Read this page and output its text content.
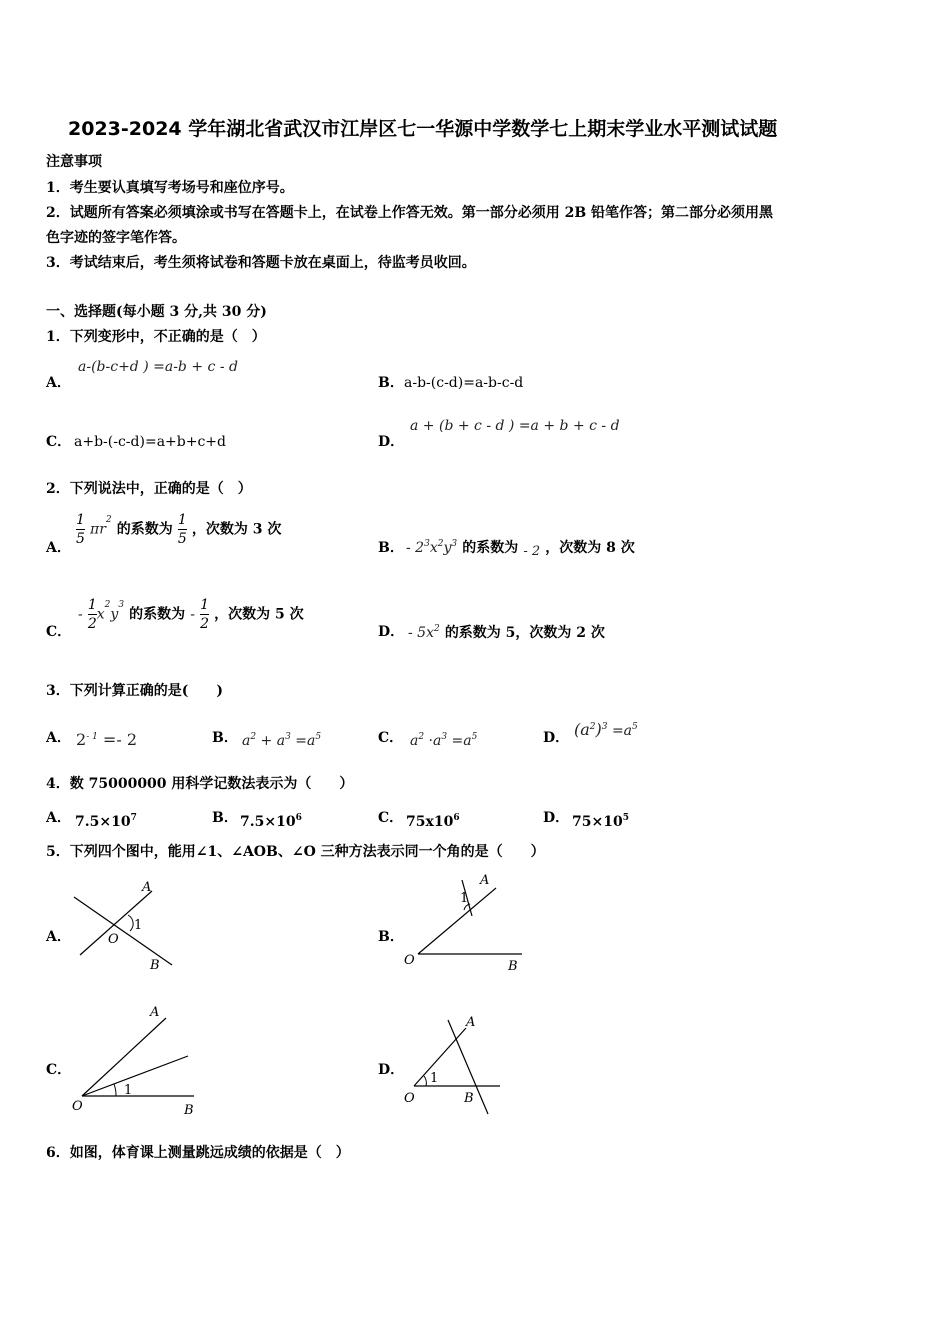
2023-2024 学年湖北省武汉市江岸区七一华源中学数学七上期末学业水平测试试题
注意事项
1．考生要认真填写考场号和座位序号。
2．试题所有答案必须填涂或书写在答题卡上，在试卷上作答无效。第一部分必须用 2B 铅笔作答；第二部分必须用黑
色字迹的签字笔作答。
3．考试结束后，考生须将试卷和答题卡放在桌面上，待监考员收回。
一、选择题(每小题 3 分,共 30 分)
1．下列变形中，不正确的是（　）
A．
a-(b-c+d ) =a-b + c - d
B． a-b-(c-d)=a-b-c-d
C． a+b-(-c-d)=a+b+c+d	D．
a + (b + c - d ) =a + b + c - d
2．下列说法中，正确的是（　）
A． $\frac{1}{5} \pi r^2$ 的系数为 $\frac{1}{5}$ ，次数为 3 次
B． - $2^3x^2y^3$ 的系数为 - 2 ，次数为 8 次
C．
- $\frac{1}{2} x^2y^3$ 的系数为 - $\frac{1}{2}$ ，次数为 5 次
D． - $5x^2$ 的系数为 5，次数为 2 次
3．下列计算正确的是(　　)
A． $2^{- 1} =- 2$	B． $a^2 + a^3 =a^5$	C． $a^2 \cdot a^3 =a^5$	D． $(a^2)^3 =a^5$
4．数 75000000 用科学记数法表示为（　　）
A． $7.5\times 10^7$	B． $7.5\times 10^6$	C． $75x10^6$	D． $75\times 10^5$
5．下列四个图中，能用∠1、∠AOB、∠O 三种方法表示同一个角的是（　　）
A．
A
O
1
B
B．
A
1
O	B
C．
A
1
O	B
D．
A
1
O	B
6．如图，体育课上测量跳远成绩的依据是（　）
